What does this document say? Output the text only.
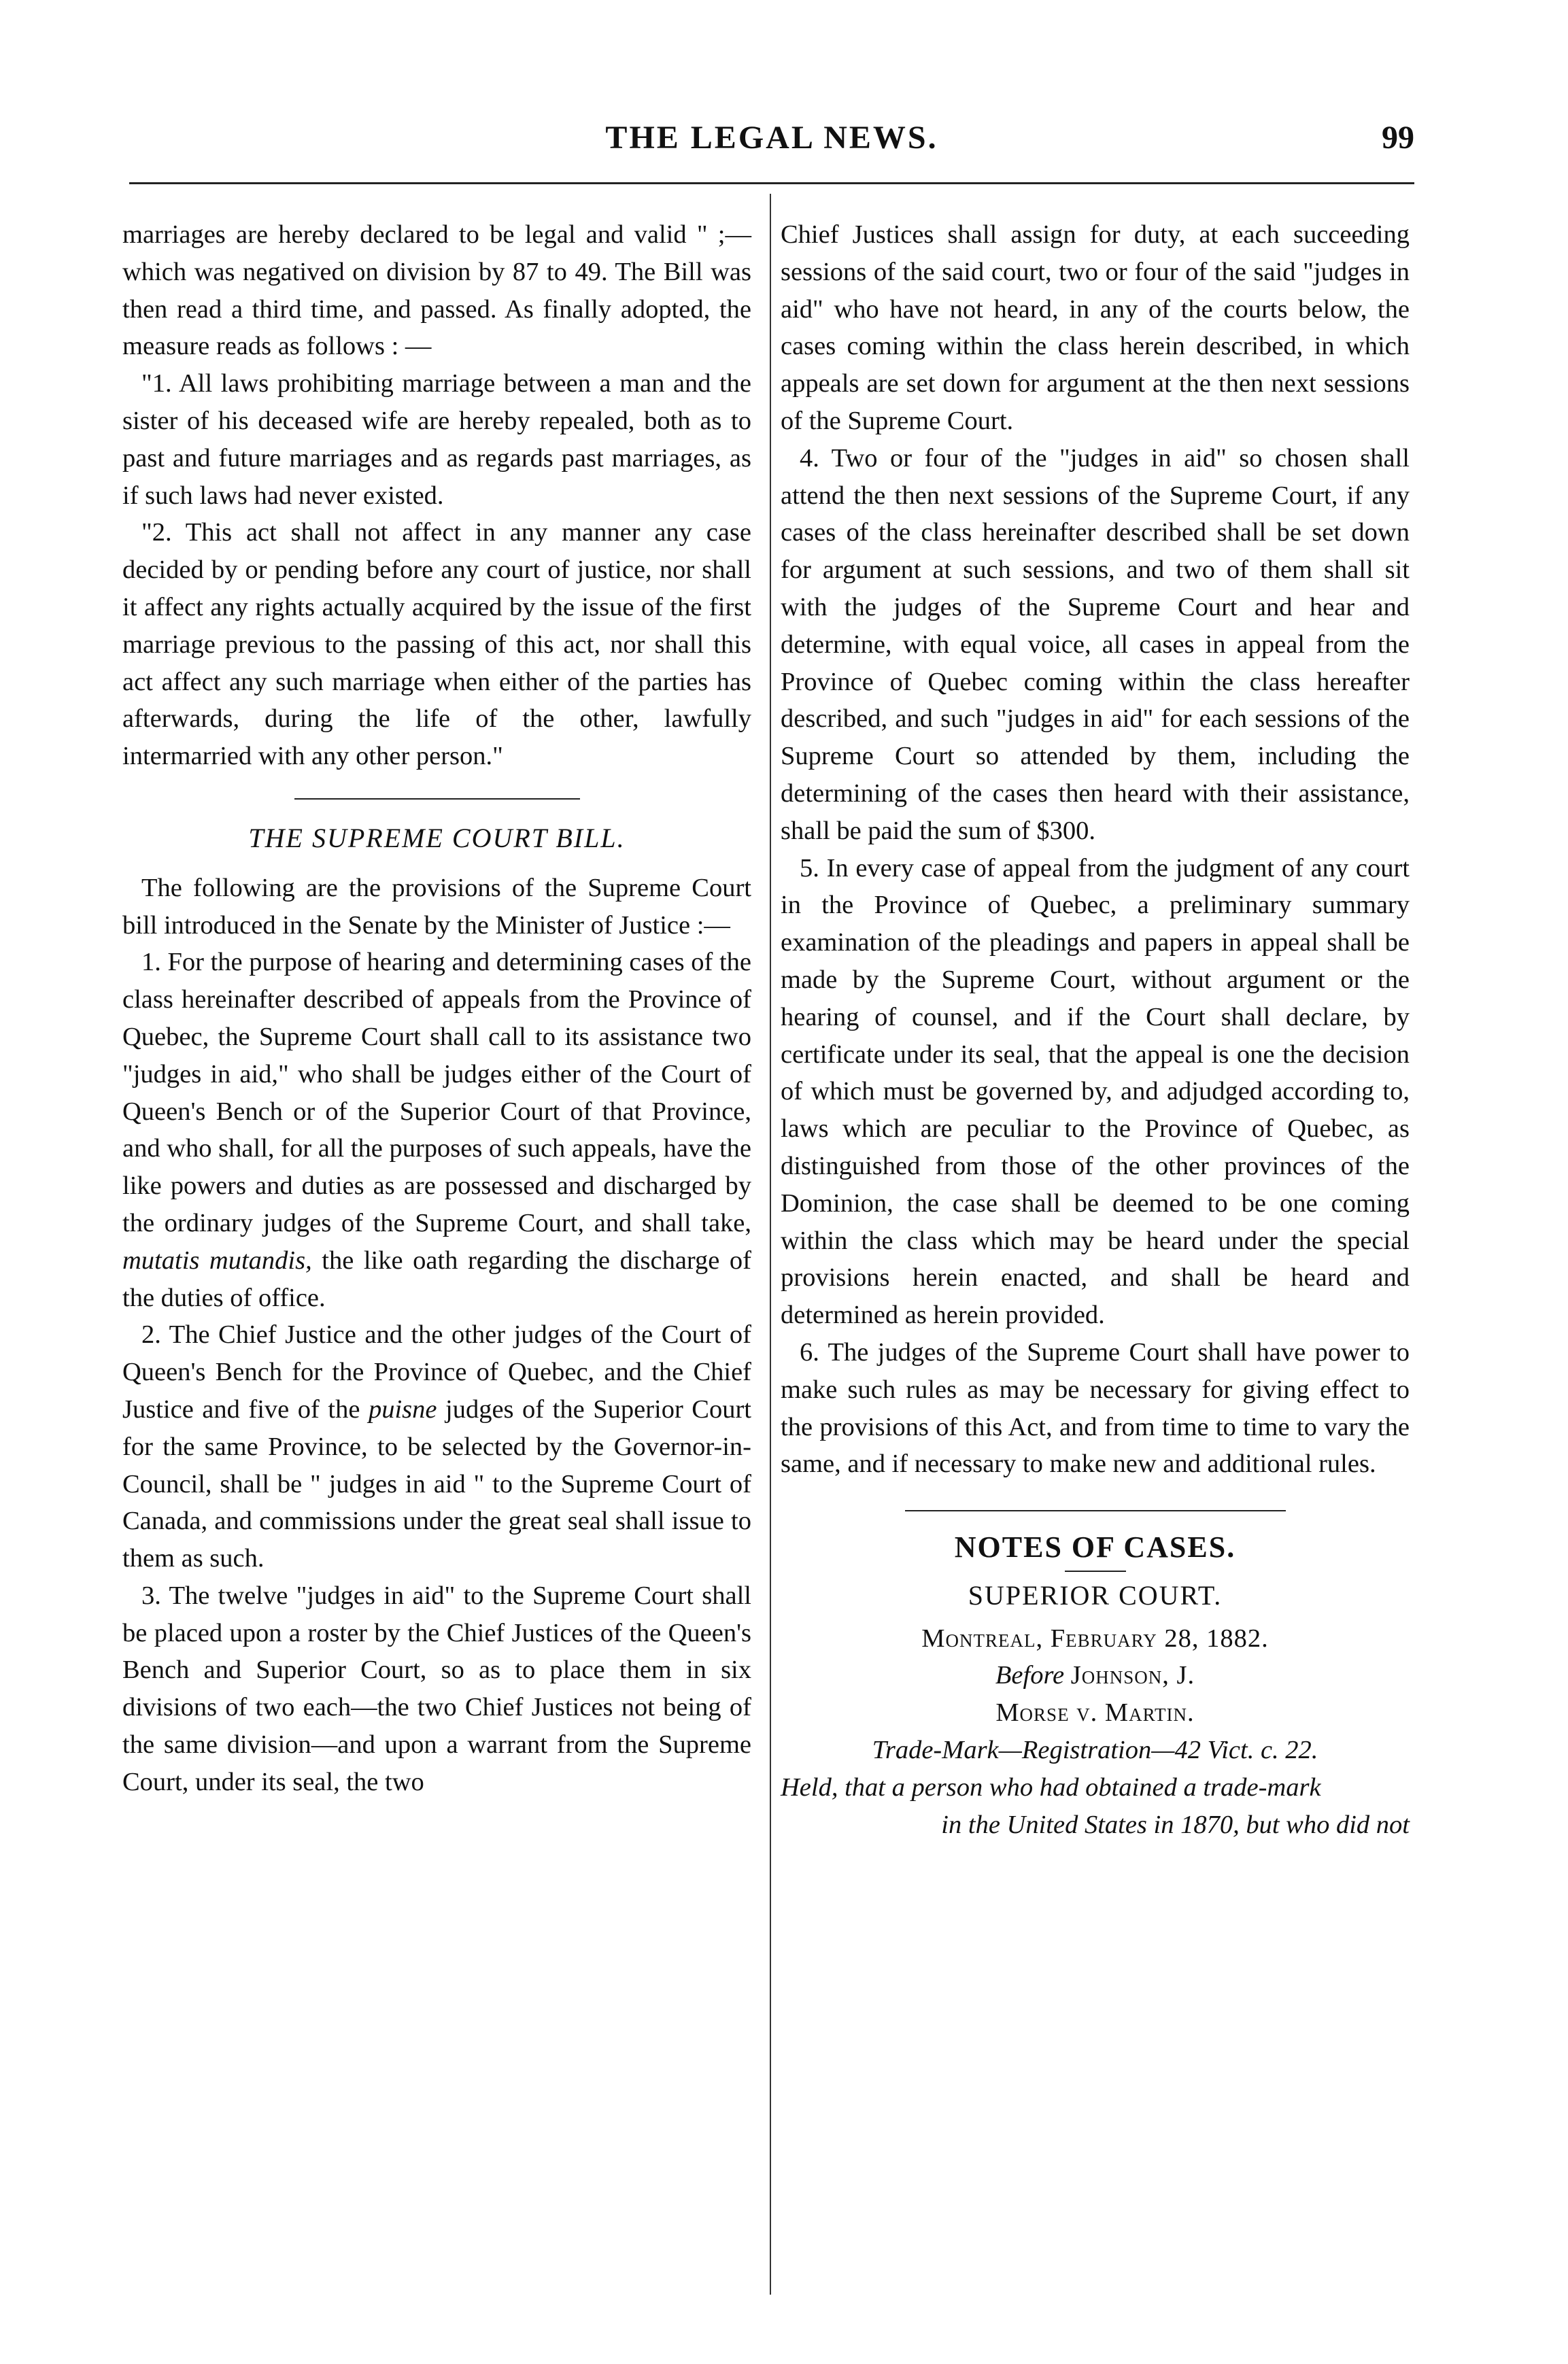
THE LEGAL NEWS.	99

marriages are hereby declared to be legal and valid " ;—which was negatived on division by 87 to 49. The Bill was then read a third time, and passed. As finally adopted, the measure reads as follows : —

"1. All laws prohibiting marriage between a man and the sister of his deceased wife are hereby repealed, both as to past and future marriages and as regards past marriages, as if such laws had never existed.

"2. This act shall not affect in any manner any case decided by or pending before any court of justice, nor shall it affect any rights actually acquired by the issue of the first marriage previous to the passing of this act, nor shall this act affect any such marriage when either of the parties has afterwards, during the life of the other, lawfully intermarried with any other person."

THE SUPREME COURT BILL.

The following are the provisions of the Supreme Court bill introduced in the Senate by the Minister of Justice :—

1. For the purpose of hearing and determining cases of the class hereinafter described of appeals from the Province of Quebec, the Supreme Court shall call to its assistance two "judges in aid," who shall be judges either of the Court of Queen's Bench or of the Superior Court of that Province, and who shall, for all the purposes of such appeals, have the like powers and duties as are possessed and discharged by the ordinary judges of the Supreme Court, and shall take, mutatis mutandis, the like oath regarding the discharge of the duties of office.

2. The Chief Justice and the other judges of the Court of Queen's Bench for the Province of Quebec, and the Chief Justice and five of the puisne judges of the Superior Court for the same Province, to be selected by the Governor-in-Council, shall be " judges in aid " to the Supreme Court of Canada, and commissions under the great seal shall issue to them as such.

3. The twelve "judges in aid" to the Supreme Court shall be placed upon a roster by the Chief Justices of the Queen's Bench and Superior Court, so as to place them in six divisions of two each—the two Chief Justices not being of the same division—and upon a warrant from the Supreme Court, under its seal, the two

Chief Justices shall assign for duty, at each succeeding sessions of the said court, two or four of the said "judges in aid" who have not heard, in any of the courts below, the cases coming within the class herein described, in which appeals are set down for argument at the then next sessions of the Supreme Court.

4. Two or four of the "judges in aid" so chosen shall attend the then next sessions of the Supreme Court, if any cases of the class hereinafter described shall be set down for argument at such sessions, and two of them shall sit with the judges of the Supreme Court and hear and determine, with equal voice, all cases in appeal from the Province of Quebec coming within the class hereafter described, and such "judges in aid" for each sessions of the Supreme Court so attended by them, including the determining of the cases then heard with their assistance, shall be paid the sum of $300.

5. In every case of appeal from the judgment of any court in the Province of Quebec, a preliminary summary examination of the pleadings and papers in appeal shall be made by the Supreme Court, without argument or the hearing of counsel, and if the Court shall declare, by certificate under its seal, that the appeal is one the decision of which must be governed by, and adjudged according to, laws which are peculiar to the Province of Quebec, as distinguished from those of the other provinces of the Dominion, the case shall be deemed to be one coming within the class which may be heard under the special provisions herein enacted, and shall be heard and determined as herein provided.

6. The judges of the Supreme Court shall have power to make such rules as may be necessary for giving effect to the provisions of this Act, and from time to time to vary the same, and if necessary to make new and additional rules.

NOTES OF CASES.
SUPERIOR COURT.

Montreal, February 28, 1882.

Before Johnson, J.

Morse v. Martin.

Trade-Mark—Registration—42 Vict. c. 22.

Held, that a person who had obtained a trade-mark
in the United States in 1870, but who did not
